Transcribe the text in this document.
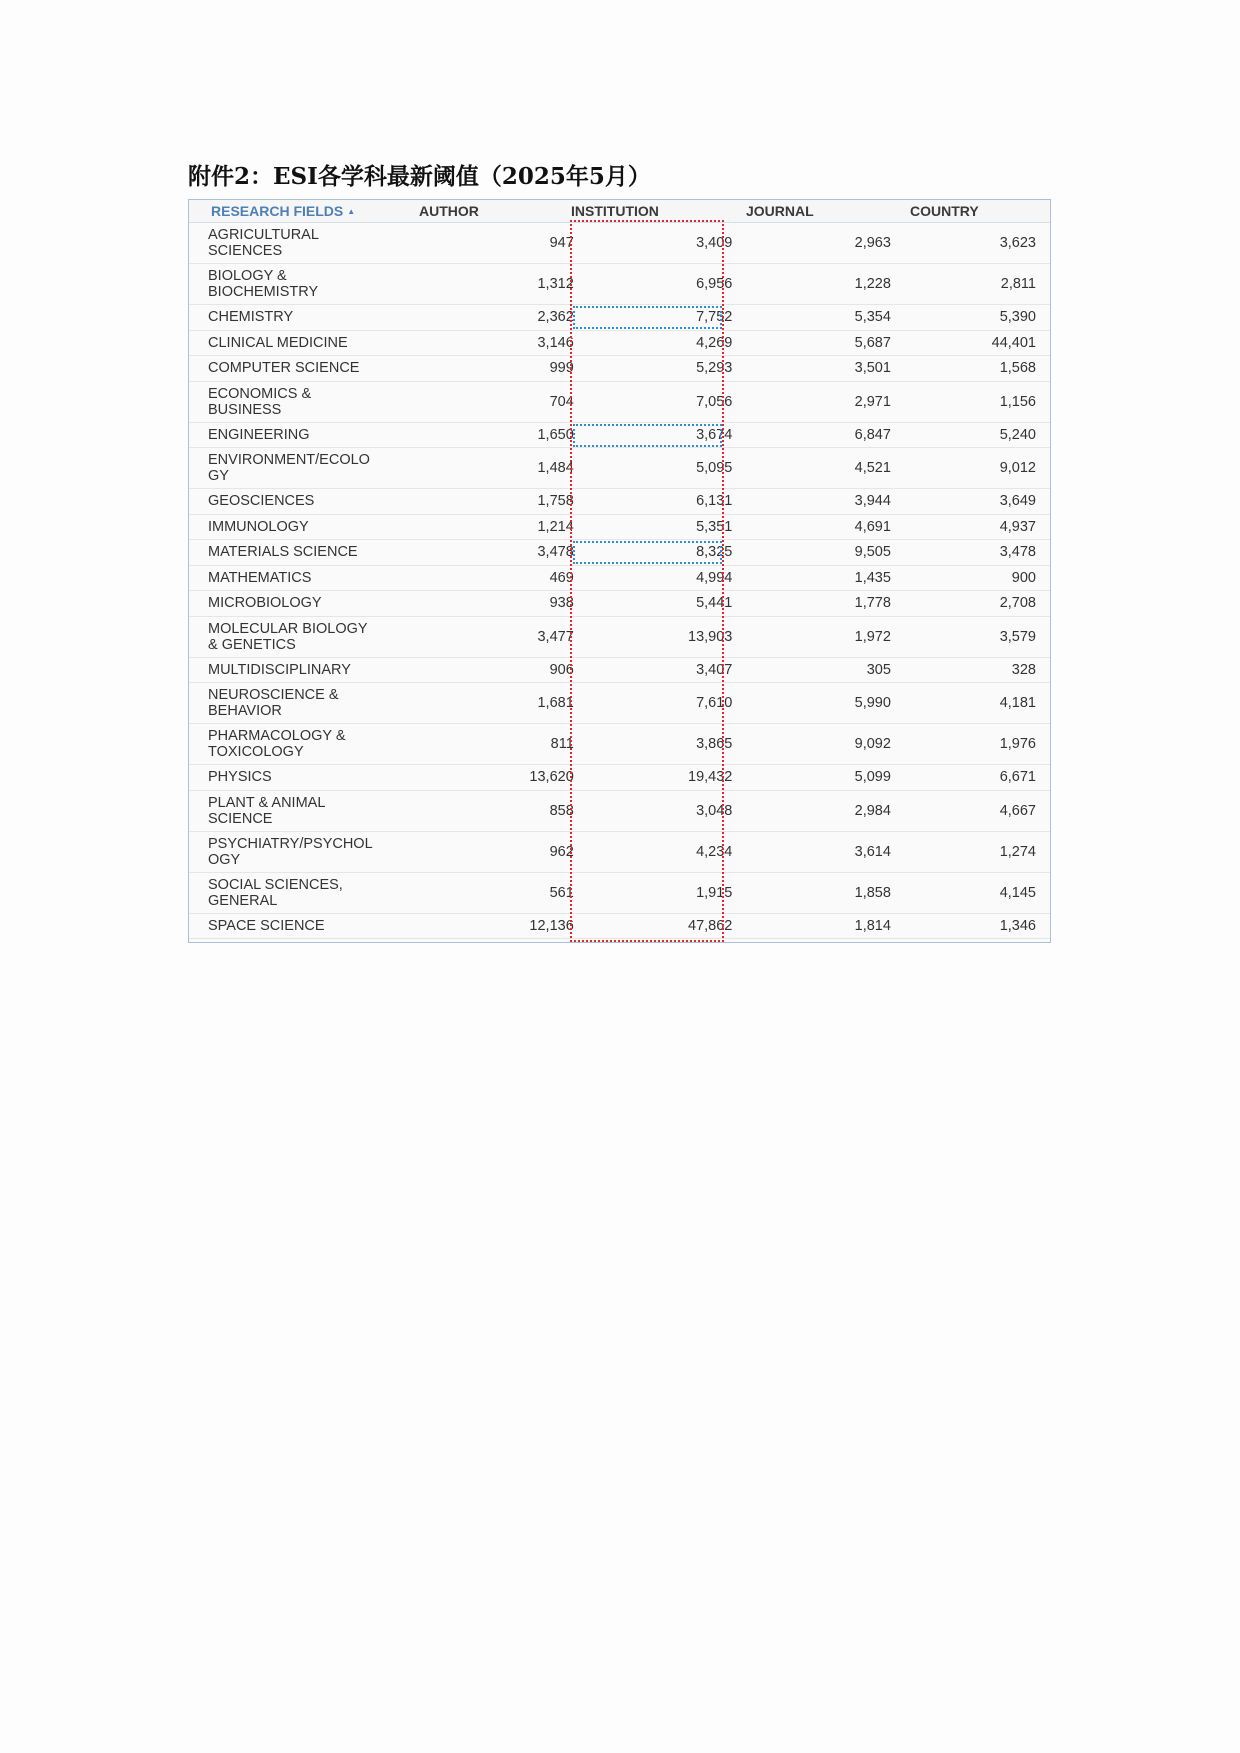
附件2：ESI各学科最新阈值（2025年5月）
RESEARCH FIELDS ▲	AUTHOR	INSTITUTION	JOURNAL	COUNTRY
AGRICULTURAL
SCIENCES	947	3,409	2,963	3,623
BIOLOGY &
BIOCHEMISTRY	1,312	6,956	1,228	2,811
CHEMISTRY	2,362	7,752	5,354	5,390
CLINICAL MEDICINE	3,146	4,269	5,687	44,401
COMPUTER SCIENCE	999	5,293	3,501	1,568
ECONOMICS &
BUSINESS	704	7,056	2,971	1,156
ENGINEERING	1,650	3,674	6,847	5,240
ENVIRONMENT/ECOLO
GY	1,484	5,095	4,521	9,012
GEOSCIENCES	1,758	6,131	3,944	3,649
IMMUNOLOGY	1,214	5,351	4,691	4,937
MATERIALS SCIENCE	3,478	8,325	9,505	3,478
MATHEMATICS	469	4,994	1,435	900
MICROBIOLOGY	938	5,441	1,778	2,708
MOLECULAR BIOLOGY
& GENETICS	3,477	13,903	1,972	3,579
MULTIDISCIPLINARY	906	3,407	305	328
NEUROSCIENCE &
BEHAVIOR	1,681	7,610	5,990	4,181
PHARMACOLOGY &
TOXICOLOGY	811	3,865	9,092	1,976
PHYSICS	13,620	19,432	5,099	6,671
PLANT & ANIMAL
SCIENCE	858	3,048	2,984	4,667
PSYCHIATRY/PSYCHOL
OGY	962	4,234	3,614	1,274
SOCIAL SCIENCES,
GENERAL	561	1,915	1,858	4,145
SPACE SCIENCE	12,136	47,862	1,814	1,346
